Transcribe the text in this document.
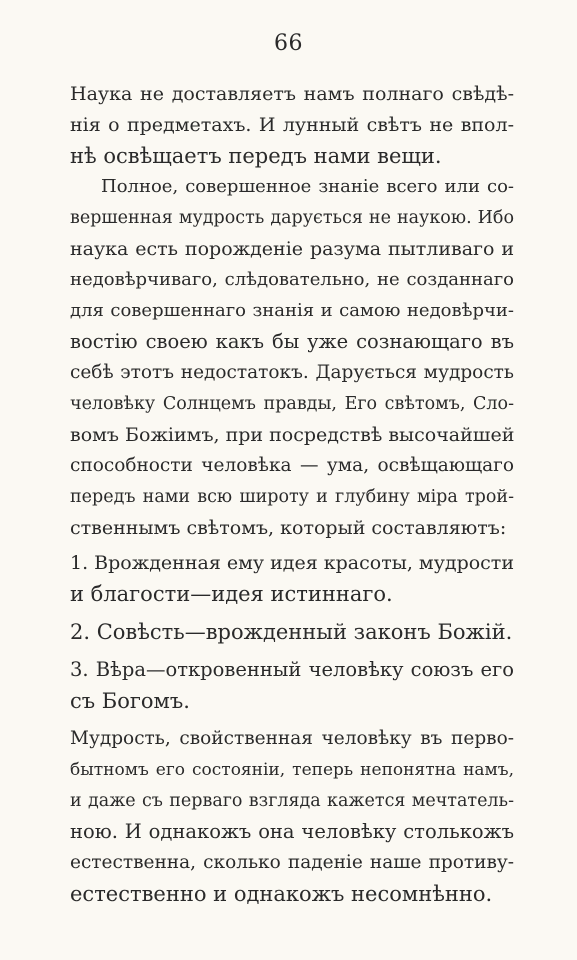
66
Наука не доставляетъ намъ полнаго свѣдѣ-
нія о предметахъ. И лунный свѣтъ не впол-
нѣ освѣщаетъ передъ нами вещи.
Полное, совершенное знаніе всего или со-
вершенная мудрость дарується не наукою. Ибо
наука есть порожденіе разума пытливаго и
недовѣрчиваго, слѣдовательно, не созданнаго
для совершеннаго знанія и самою недовѣрчи-
востію своею какъ бы уже сознающаго въ
себѣ этотъ недостатокъ. Дарується мудрость
человѣку Солнцемъ правды, Его свѣтомъ, Сло-
вомъ Божіимъ, при посредствѣ высочайшей
способности человѣка — ума, освѣщающаго
передъ нами всю широту и глубину міра трой-
ственнымъ свѣтомъ, который составляютъ:
1. Врожденная ему идея красоты, мудрости
и благости—идея истиннаго.
2. Совѣсть—врожденный законъ Божій.
3. Вѣра—откровенный человѣку союзъ его
съ Богомъ.
Мудрость, свойственная человѣку въ перво-
бытномъ его состояніи, теперь непонятна намъ,
и даже съ перваго взгляда кажется мечтатель-
ною. И однакожъ она человѣку столькожъ
естественна, сколько паденіе наше противу-
естественно и однакожъ несомнѣнно.
